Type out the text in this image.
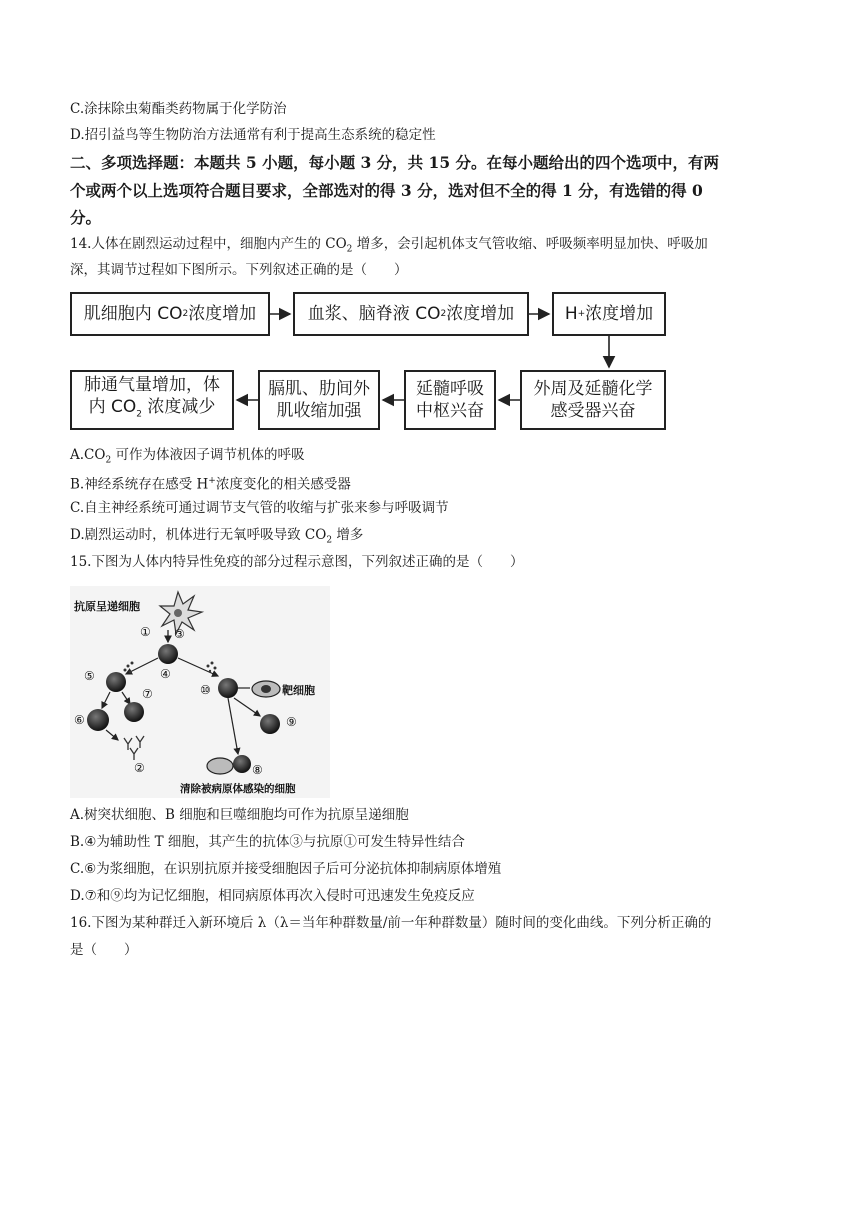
C.涂抹除虫菊酯类药物属于化学防治
D.招引益鸟等生物防治方法通常有利于提高生态系统的稳定性
二、多项选择题：本题共 5 小题，每小题 3 分，共 15 分。在每小题给出的四个选项中，有两
个或两个以上选项符合题目要求，全部选对的得 3 分，选对但不全的得 1 分，有选错的得 0
分。
14.人体在剧烈运动过程中，细胞内产生的 $CO_2$ 增多，会引起机体支气管收缩、呼吸频率明显加快、呼吸加
深，其调节过程如下图所示。下列叙述正确的是（　　）
肌细胞内 CO 2 浓度增加	血浆、脑脊液 CO 2 浓度增加	H + 浓度增加
外周及延髓化学
感受器兴奋
延髓呼吸
中枢兴奋
膈肌、肋间外
肌收缩加强
肺通气量增加，体
内 $CO_2$ 浓度减少
$A.CO_2$ 可作为体液因子调节机体的呼吸
B.神经系统存在感受 H+浓度变化的相关感受器
C.自主神经系统可通过调节支气管的收缩与扩张来参与呼吸调节
D.剧烈运动时，机体进行无氧呼吸导致 $CO_2$ 增多
15.下图为人体内特异性免疫的部分过程示意图，下列叙述正确的是（　　）
抗原呈递细胞
① ③
④
⑤
⑥
⑦
②
⑩	靶细胞
⑨
⑧
清除被病原体感染的细胞
A.树突状细胞、B 细胞和巨噬细胞均可作为抗原呈递细胞
B.④为辅助性 T 细胞，其产生的抗体③与抗原①可发生特异性结合
C.⑥为浆细胞，在识别抗原并接受细胞因子后可分泌抗体抑制病原体增殖
D.⑦和⑨均为记忆细胞，相同病原体再次入侵时可迅速发生免疫反应
16.下图为某种群迁入新环境后 λ（λ＝当年种群数量/前一年种群数量）随时间的变化曲线。下列分析正确的
是（　　）
